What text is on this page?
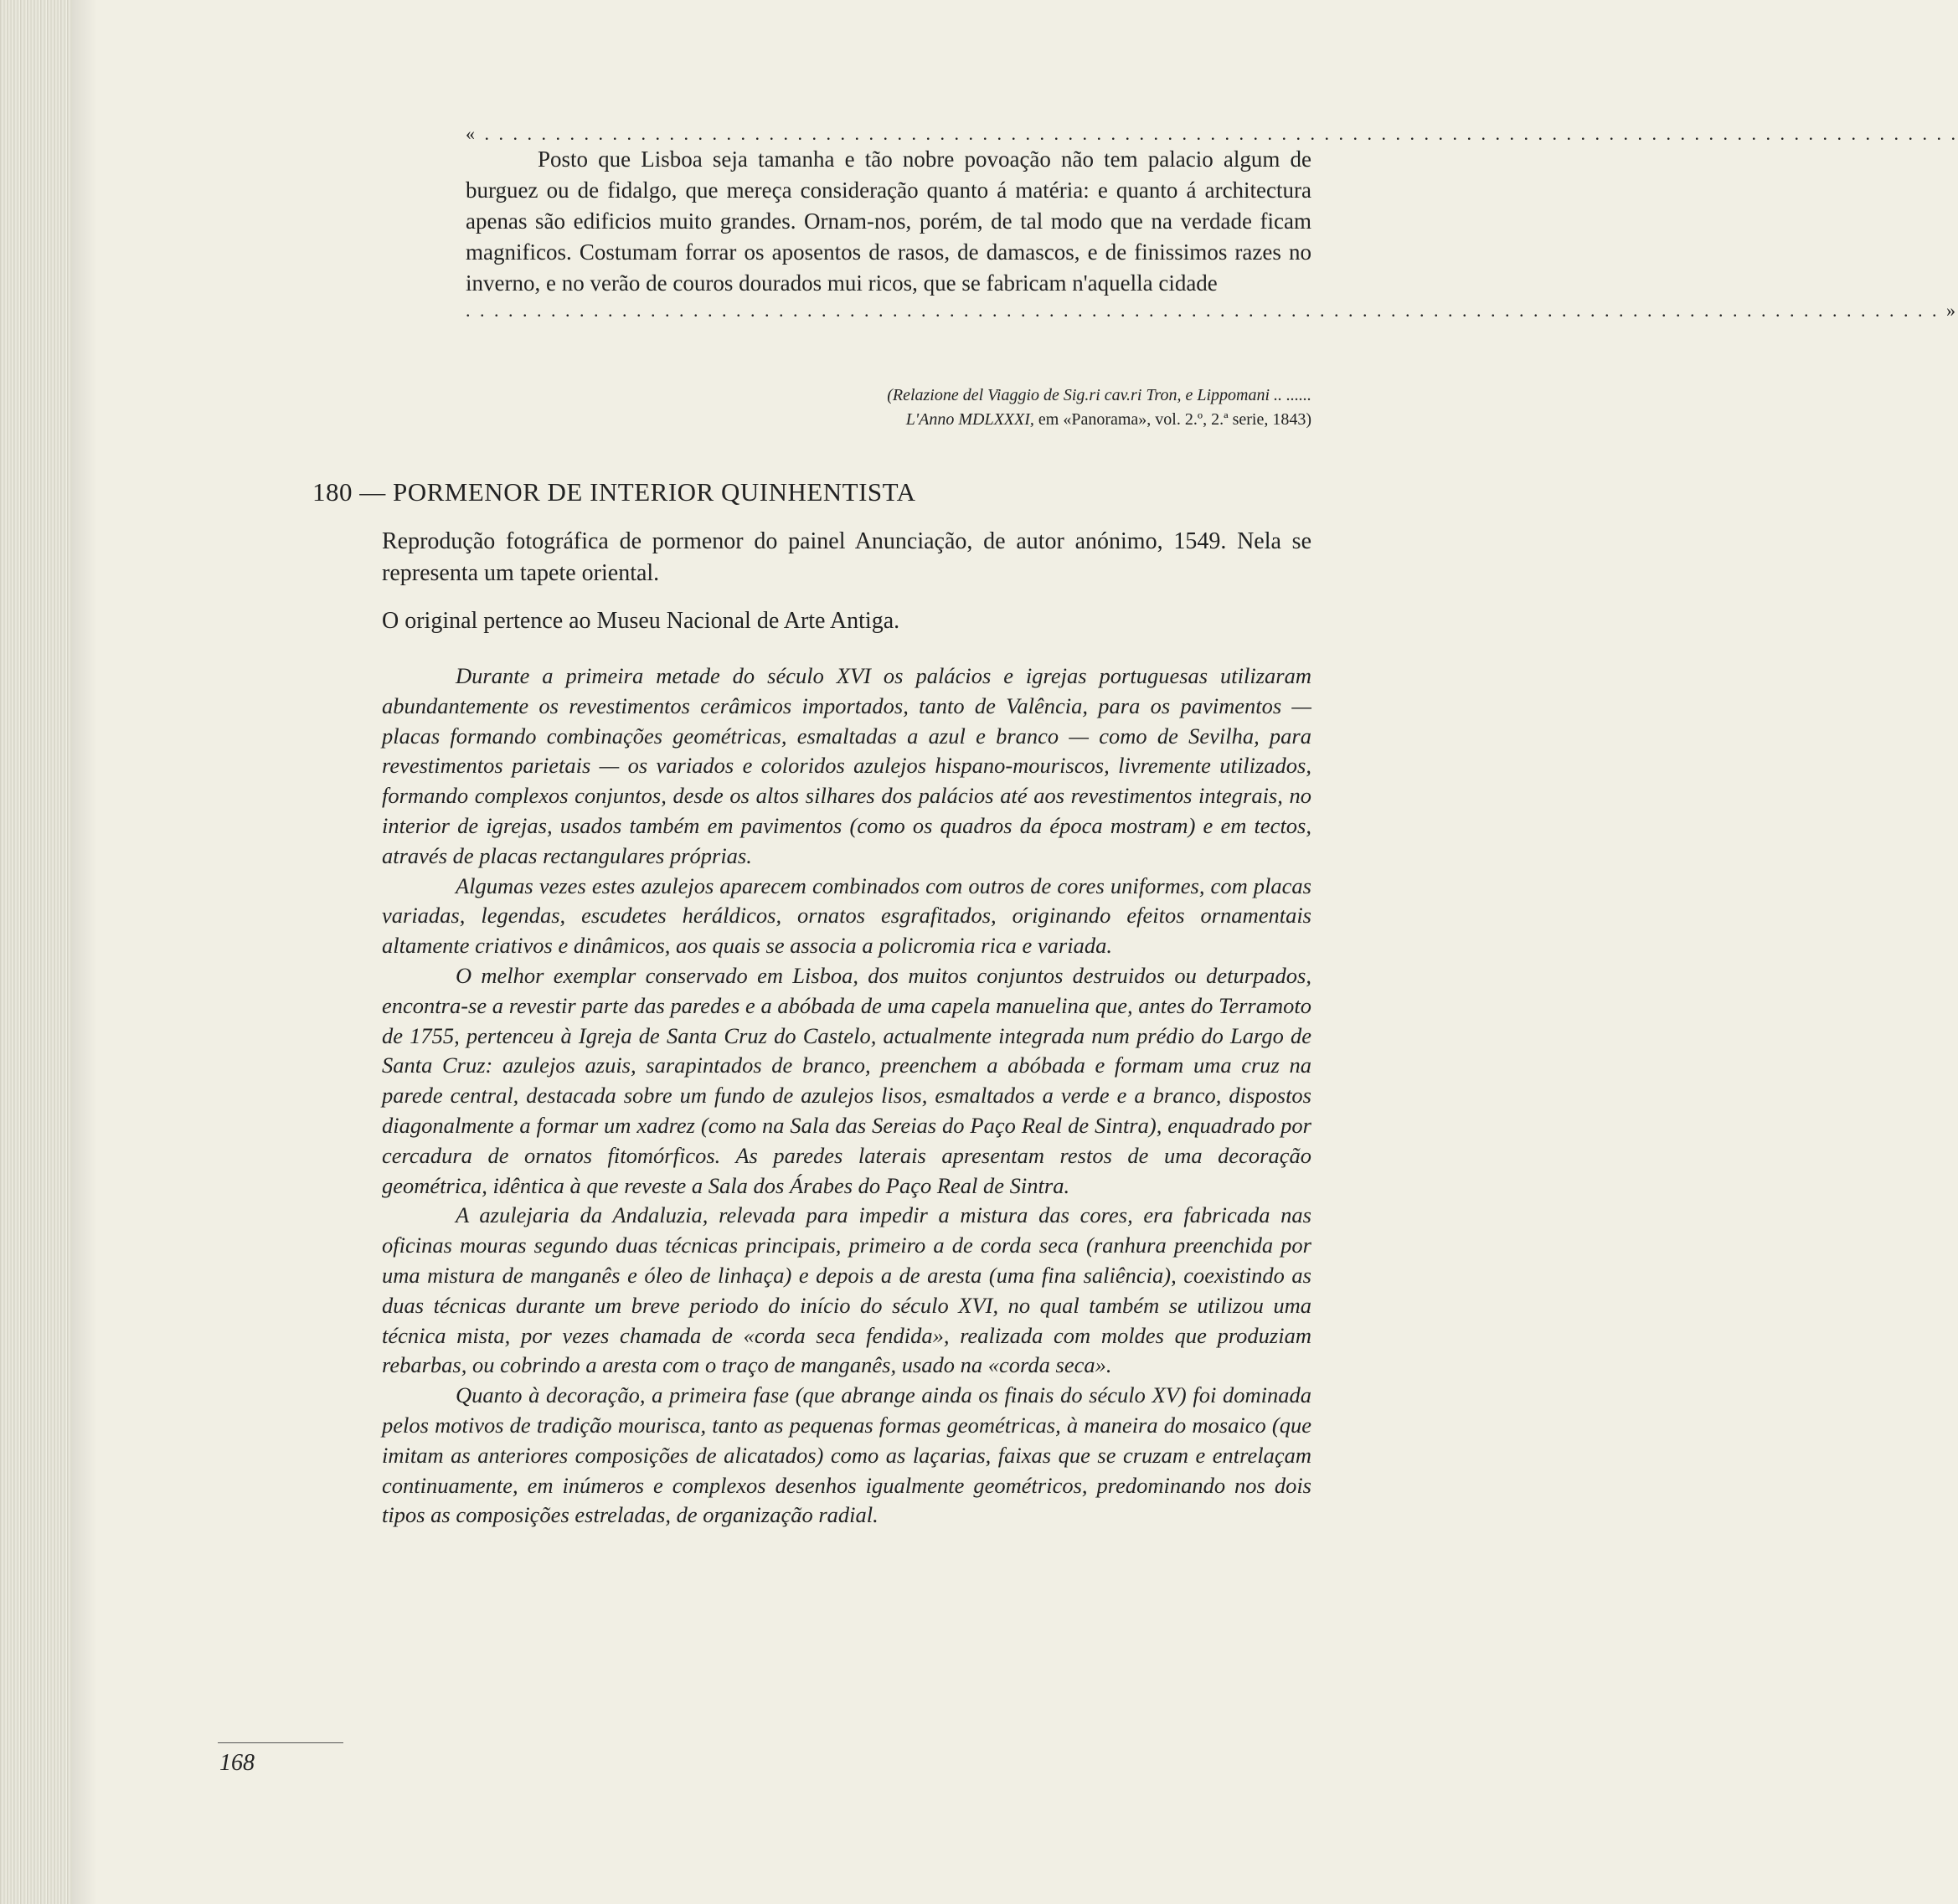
« . . . . . . . . . . . . . . . . . . . . . . . . . . . . . . . . . . . . . . . . . . . . . . . . . . . . . . . . . . . . . . . . . . . . . . . . . . . . . . . . . . . . . . . . . . . . . . . . . . . . . . . .
Posto que Lisboa seja tamanha e tão nobre povoação não tem palacio algum de burguez ou de fidalgo, que mereça consideração quanto á matéria: e quanto á architectura apenas são edificios muito grandes. Ornam-nos, porém, de tal modo que na verdade ficam magnificos. Costumam forrar os aposentos de rasos, de damascos, e de finissimos razes no inverno, e no verão de couros dourados mui ricos, que se fabricam n'aquella cidade
. . . . . . . . . . . . . . . . . . . . . . . . . . . . . . . . . . . . . . . . . . . . . . . . . . . . . . . . . . . . . . . . . . . . . . . . . . . . . . . . . . . . . . . . . . . . . . . . . . . . . . . . »
(Relazione del Viaggio de Sig.ri cav.ri Tron, e Lippomani .. ......
L'Anno MDLXXXI, em «Panorama», vol. 2.º, 2.ª serie, 1843)
180 — PORMENOR DE INTERIOR QUINHENTISTA

Reprodução fotográfica de pormenor do painel Anunciação, de autor anónimo, 1549. Nela se representa um tapete oriental.

O original pertence ao Museu Nacional de Arte Antiga.

Durante a primeira metade do século XVI os palácios e igrejas portuguesas utilizaram abundantemente os revestimentos cerâmicos importados, tanto de Valência, para os pavimentos — placas formando combinações geométricas, esmaltadas a azul e branco — como de Sevilha, para revestimentos parietais — os variados e coloridos azulejos hispano-mouriscos, livremente utilizados, formando complexos conjuntos, desde os altos silhares dos palácios até aos revestimentos integrais, no interior de igrejas, usados também em pavimentos (como os quadros da época mostram) e em tectos, através de placas rectangulares próprias.

Algumas vezes estes azulejos aparecem combinados com outros de cores uniformes, com placas variadas, legendas, escudetes heráldicos, ornatos esgrafitados, originando efeitos ornamentais altamente criativos e dinâmicos, aos quais se associa a policromia rica e variada.

O melhor exemplar conservado em Lisboa, dos muitos conjuntos destruidos ou deturpados, encontra-se a revestir parte das paredes e a abóbada de uma capela manuelina que, antes do Terramoto de 1755, pertenceu à Igreja de Santa Cruz do Castelo, actualmente integrada num prédio do Largo de Santa Cruz: azulejos azuis, sarapintados de branco, preenchem a abóbada e formam uma cruz na parede central, destacada sobre um fundo de azulejos lisos, esmaltados a verde e a branco, dispostos diagonalmente a formar um xadrez (como na Sala das Sereias do Paço Real de Sintra), enquadrado por cercadura de ornatos fitomórficos. As paredes laterais apresentam restos de uma decoração geométrica, idêntica à que reveste a Sala dos Árabes do Paço Real de Sintra.

A azulejaria da Andaluzia, relevada para impedir a mistura das cores, era fabricada nas oficinas mouras segundo duas técnicas principais, primeiro a de corda seca (ranhura preenchida por uma mistura de manganês e óleo de linhaça) e depois a de aresta (uma fina saliência), coexistindo as duas técnicas durante um breve periodo do início do século XVI, no qual também se utilizou uma técnica mista, por vezes chamada de «corda seca fendida», realizada com moldes que produziam rebarbas, ou cobrindo a aresta com o traço de manganês, usado na «corda seca».

Quanto à decoração, a primeira fase (que abrange ainda os finais do século XV) foi dominada pelos motivos de tradição mourisca, tanto as pequenas formas geométricas, à maneira do mosaico (que imitam as anteriores composições de alicatados) como as laçarias, faixas que se cruzam e entrelaçam continuamente, em inúmeros e complexos desenhos igualmente geométricos, predominando nos dois tipos as composições estreladas, de organização radial.

168
